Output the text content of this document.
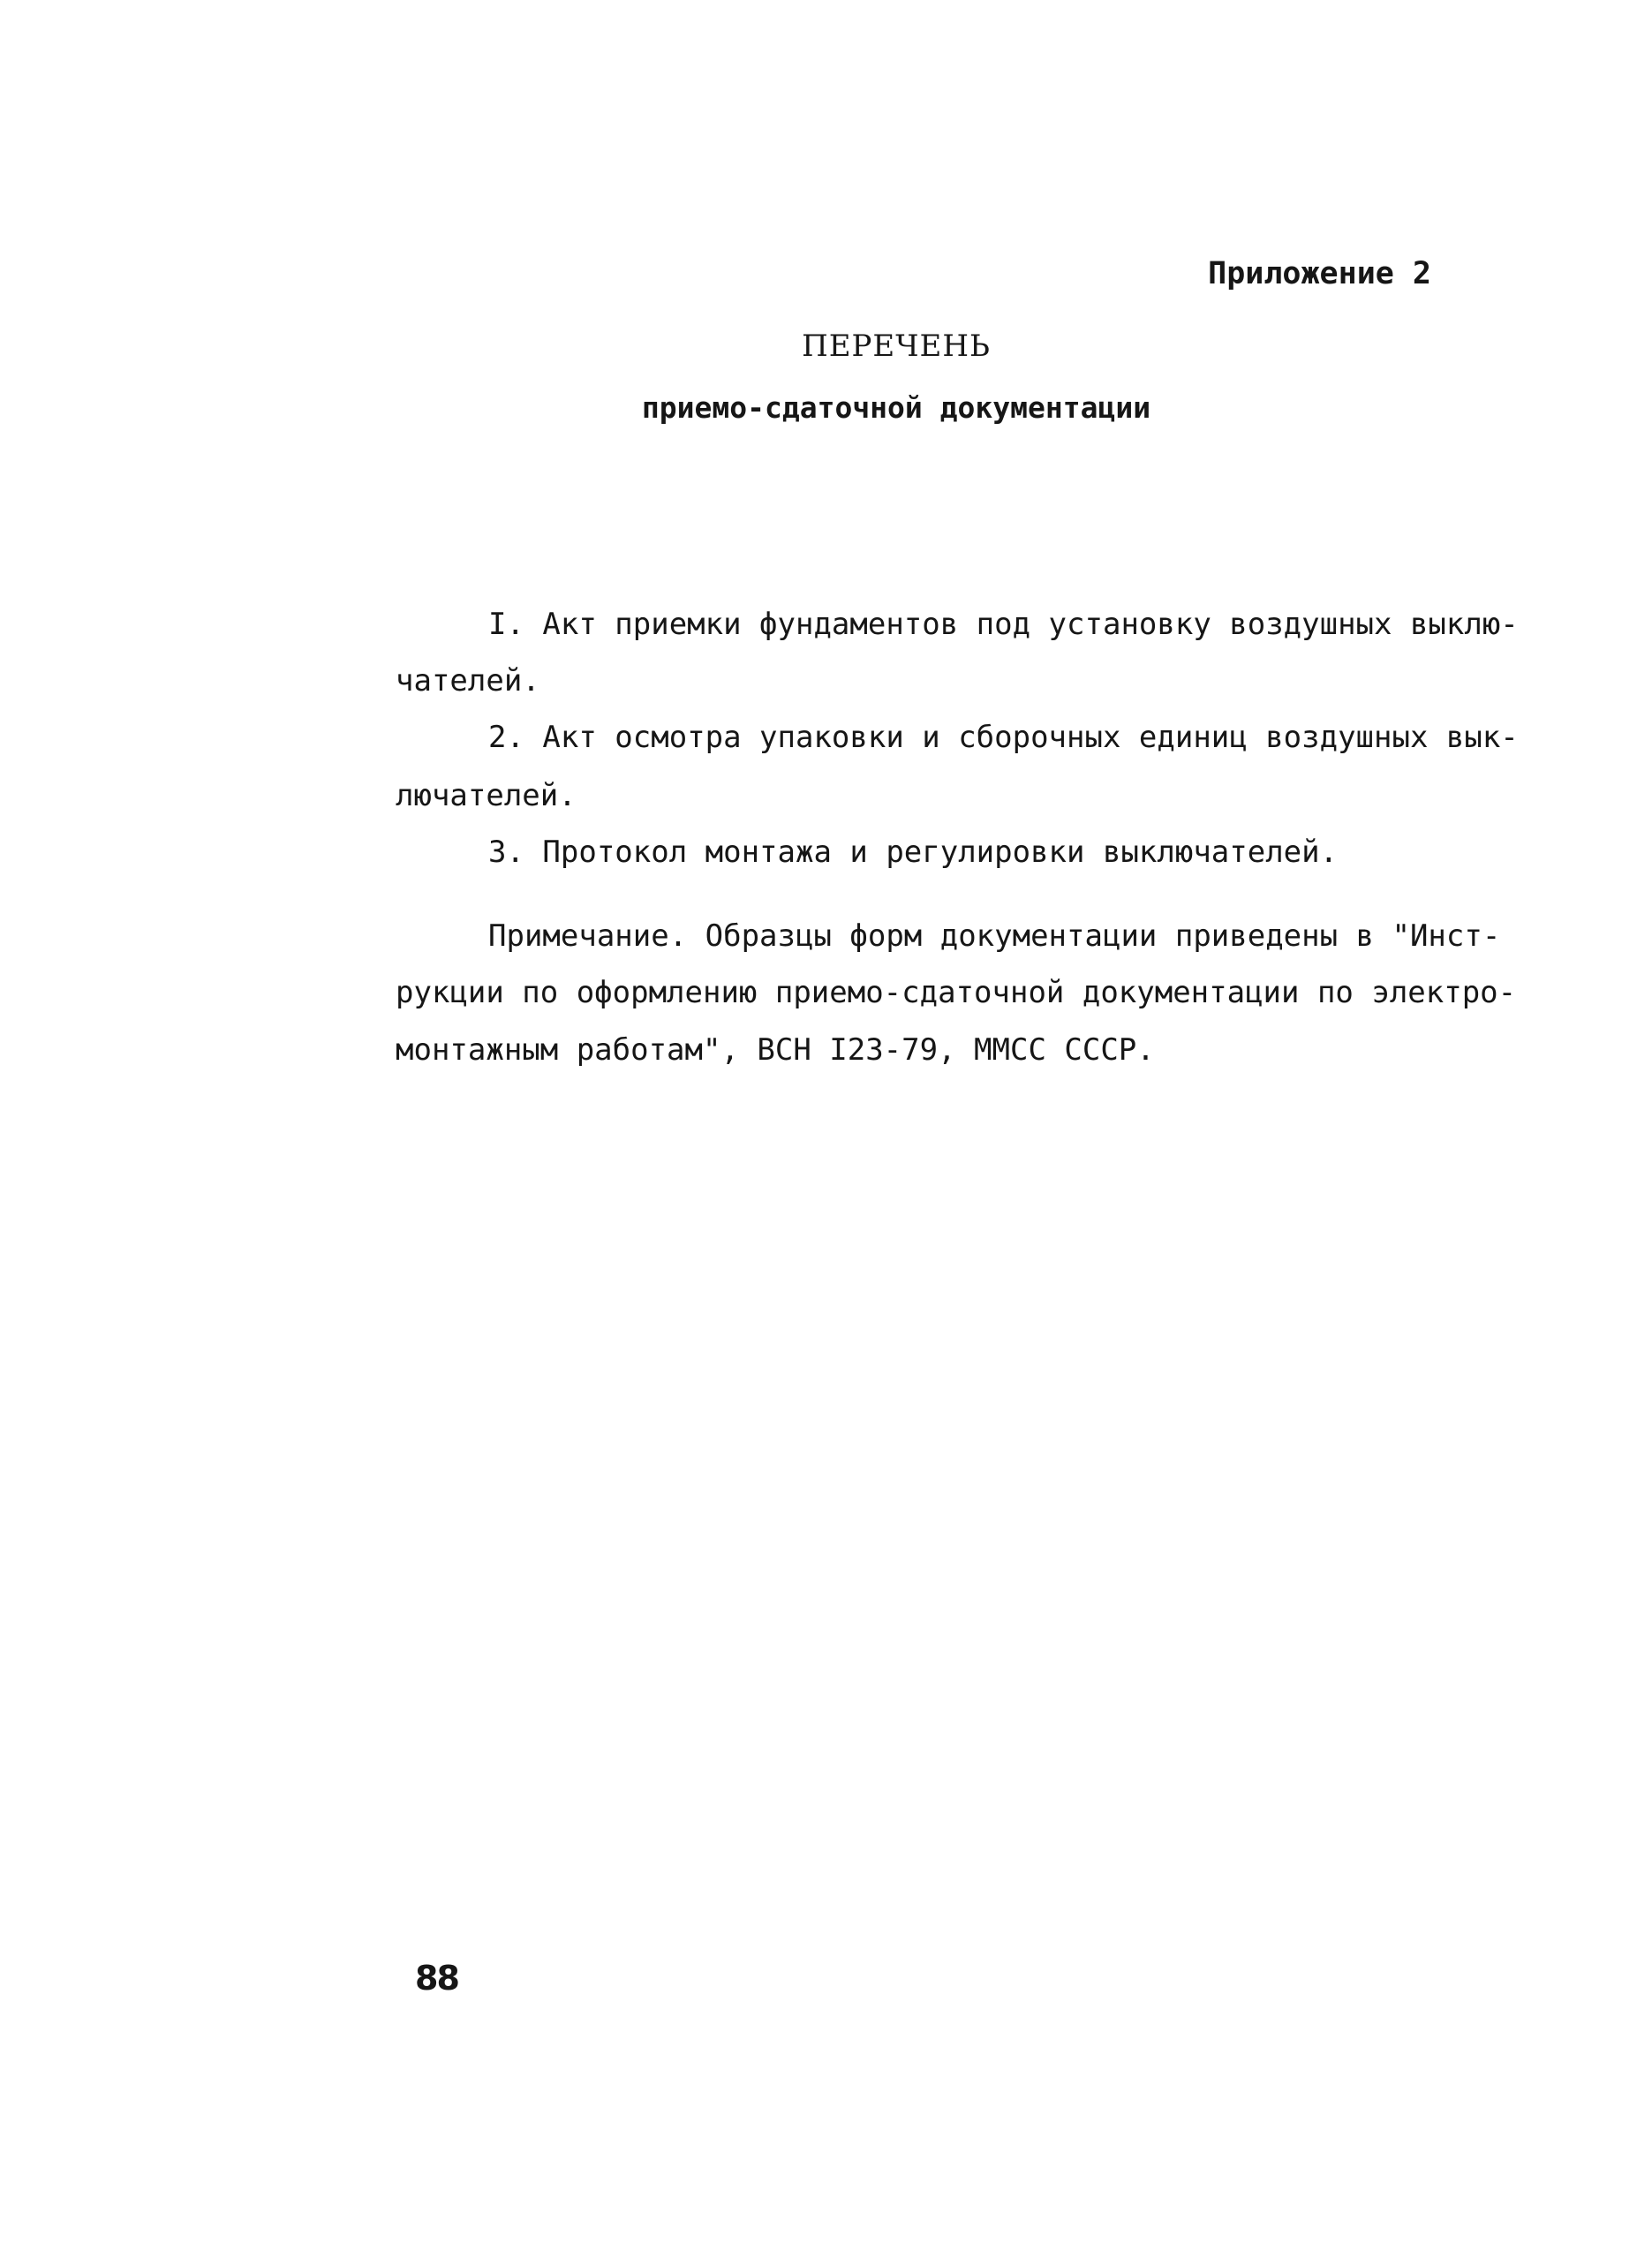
Приложение 2
ПЕРЕЧЕНЬ
приемо-сдаточной документации
I. Акт приемки фундаментов под установку воздушных выклю-
чателей.
2. Акт осмотра упаковки и сборочных единиц воздушных вык-
лючателей.
3. Протокол монтажа и регулировки выключателей.
Примечание. Образцы форм документации приведены в "Инст-
рукции по оформлению приемо-сдаточной документации по электро-
монтажным работам", ВСН I23-79, ММСС СССР.
88
